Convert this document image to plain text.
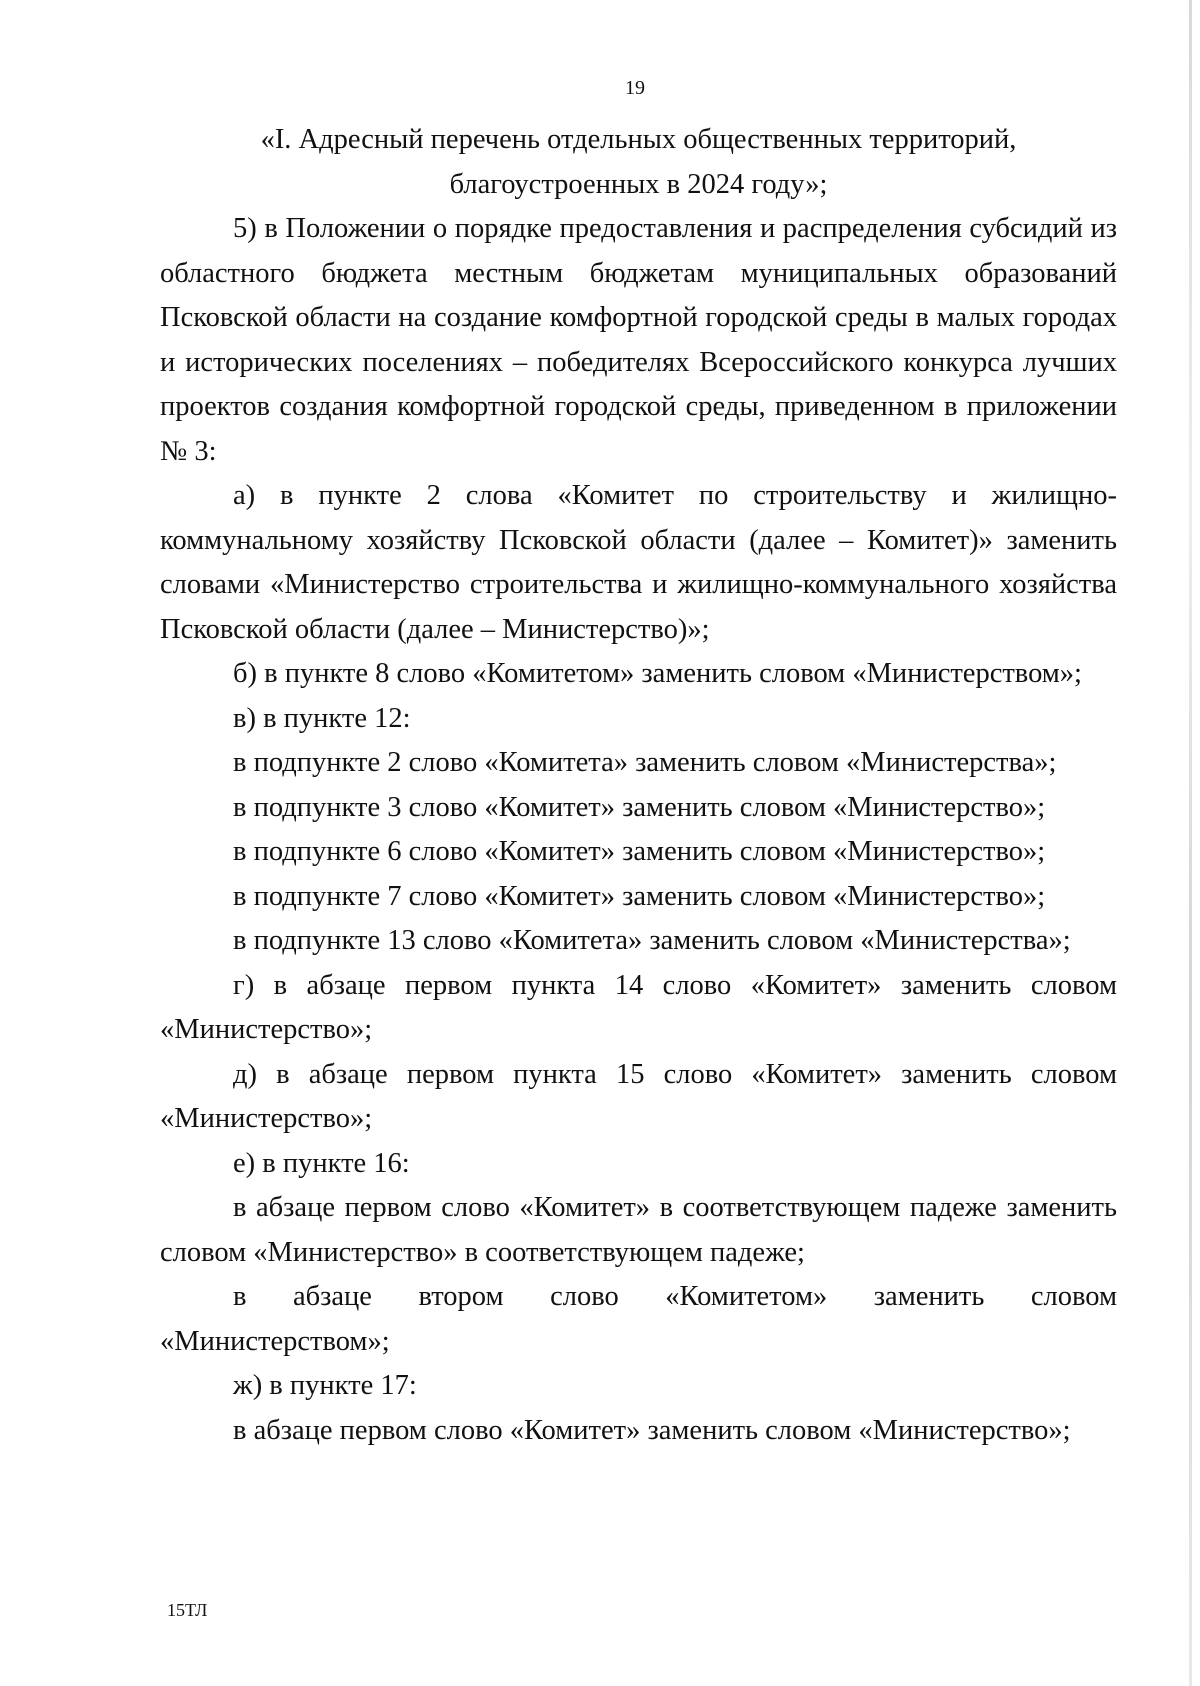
19
«I. Адресный перечень отдельных общественных территорий,
благоустроенных в 2024 году»;

5) в Положении о порядке предоставления и распределения субсидий из областного бюджета местным бюджетам муниципальных образований Псковской области на создание комфортной городской среды в малых городах и исторических поселениях – победителях Всероссийского конкурса лучших проектов создания комфортной городской среды, приведенном в приложении № 3:

а) в пункте 2 слова «Комитет по строительству и жилищно-коммунальному хозяйству Псковской области (далее – Комитет)» заменить словами «Министерство строительства и жилищно-коммунального хозяйства Псковской области (далее – Министерство)»;

б) в пункте 8 слово «Комитетом» заменить словом «Министерством»;

в) в пункте 12:

в подпункте 2 слово «Комитета» заменить словом «Министерства»;

в подпункте 3 слово «Комитет» заменить словом «Министерство»;

в подпункте 6 слово «Комитет» заменить словом «Министерство»;

в подпункте 7 слово «Комитет» заменить словом «Министерство»;

в подпункте 13 слово «Комитета» заменить словом «Министерства»;

г) в абзаце первом пункта 14 слово «Комитет» заменить словом «Министерство»;

д) в абзаце первом пункта 15 слово «Комитет» заменить словом «Министерство»;

е) в пункте 16:

в абзаце первом слово «Комитет» в соответствующем падеже заменить словом «Министерство» в соответствующем падеже;

в абзаце втором слово «Комитетом» заменить словом «Министерством»;

ж) в пункте 17:

в абзаце первом слово «Комитет» заменить словом «Министерство»;

15ТЛ
